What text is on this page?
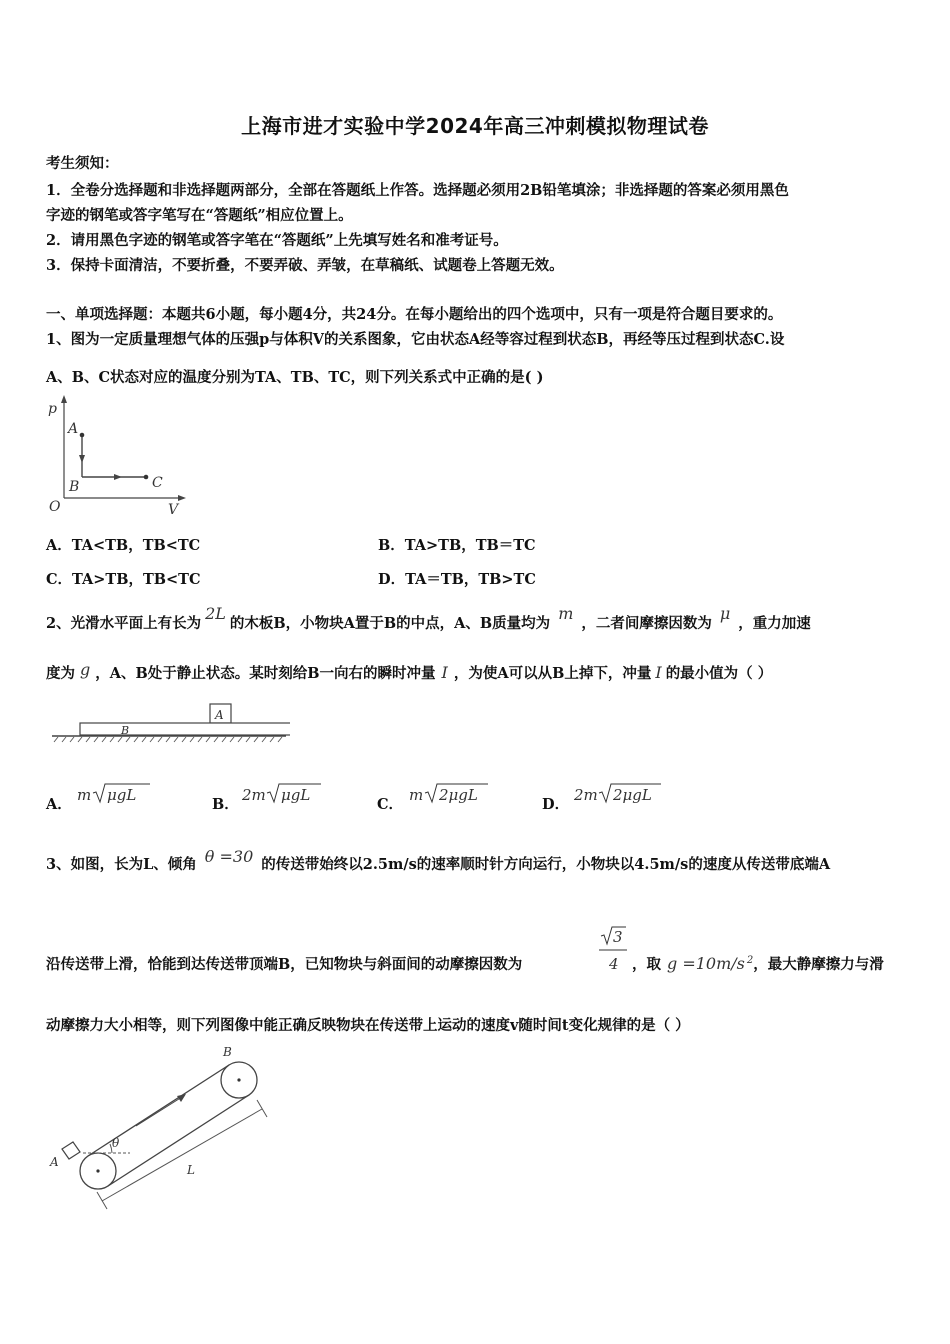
上海市进才实验中学2024年高三冲刺模拟物理试卷
考生须知：
1．全卷分选择题和非选择题两部分，全部在答题纸上作答。选择题必须用2B铅笔填涂；非选择题的答案必须用黑色
字迹的钢笔或答字笔写在“答题纸”相应位置上。
2．请用黑色字迹的钢笔或答字笔在“答题纸”上先填写姓名和准考证号。
3．保持卡面清洁，不要折叠，不要弄破、弄皱，在草稿纸、试题卷上答题无效。
一、单项选择题：本题共6小题，每小题4分，共24分。在每小题给出的四个选项中，只有一项是符合题目要求的。
1、图为一定质量理想气体的压强p与体积V的关系图象，它由状态A经等容过程到状态B，再经等压过程到状态C.设
A、B、C状态对应的温度分别为TA、TB、TC，则下列关系式中正确的是( )
p
V
O
A
B	C
A．TA<TB，TB<TC	B．TA>TB，TB＝TC
C．TA>TB，TB<TC	D．TA＝TB，TB>TC
2、光滑水平面上有长为2L的木板B，小物块A置于B的中点，A、B质量均为m，二者间摩擦因数为μ，重力加速
度为 g ，A、B处于静止状态。某时刻给B一向右的瞬时冲量 I ，为使A可以从B上掉下，冲量 I 的最小值为（ ）
A
B
A．
m μgL
B．
2m μgL
C．
m 2μgL
D．
2m 2μgL
3、如图，长为L、倾角 θ =30 的传送带始终以2.5m/s的速率顺时针方向运行，小物块以4.5m/s的速度从传送带底端A
沿传送带上滑，恰能到达传送带顶端B，已知物块与斜面间的动摩擦因数为
3
4 ，取 g =10m/s $^2$，最大静摩擦力与滑
动摩擦力大小相等，则下列图像中能正确反映物块在传送带上运动的速度v随时间t变化规律的是（ ）
A
B
θ
L
